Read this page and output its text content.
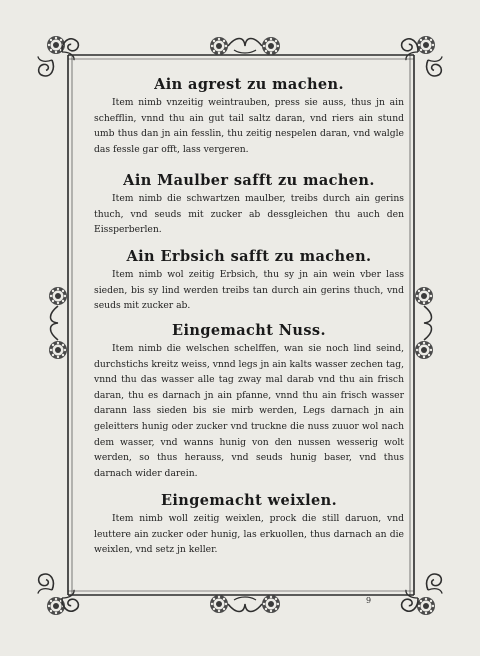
Ain agrest zu machen.

Item nimb vnzeitig weintrauben, press sie auss, thus jn ain schefflin, vnnd thu ain gut tail saltz daran, vnd riers ain stund umb thus dan jn ain fesslin, thu zeitig nespelen daran, vnd walgle das fessle gar offt, lass vergeren.

Ain Maulber safft zu machen.

Item nimb die schwartzen maulber, treibs durch ain gerins thuch, vnd seuds mit zucker ab dessgleichen thu auch den Eissperberlen.

Ain Erbsich safft zu machen.

Item nimb wol zeitig Erbsich, thu sy jn ain wein vber lass sieden, bis sy lind werden treibs tan durch ain gerins thuch, vnd seuds mit zucker ab.

Eingemacht Nuss.

Item nimb die welschen schelffen, wan sie noch lind seind, durchstichs kreitz weiss, vnnd legs jn ain kalts wasser zechen tag, vnnd thu das wasser alle tag zway mal darab vnd thu ain frisch daran, thu es darnach jn ain pfanne, vnnd thu ain frisch wasser darann lass sieden bis sie mirb werden, Legs darnach jn ain geleitters hunig oder zucker vnd truckne die nuss zuuor wol nach dem wasser, vnd wanns hunig von den nussen wesserig wolt werden, so thus herauss, vnd seuds hunig baser, vnd thus darnach wider darein.

Eingemacht weixlen.

Item nimb woll zeitig weixlen, prock die still daruon, vnd leuttere ain zucker oder hunig, las erkuollen, thus darnach an die weixlen, vnd setz jn keller.

9
